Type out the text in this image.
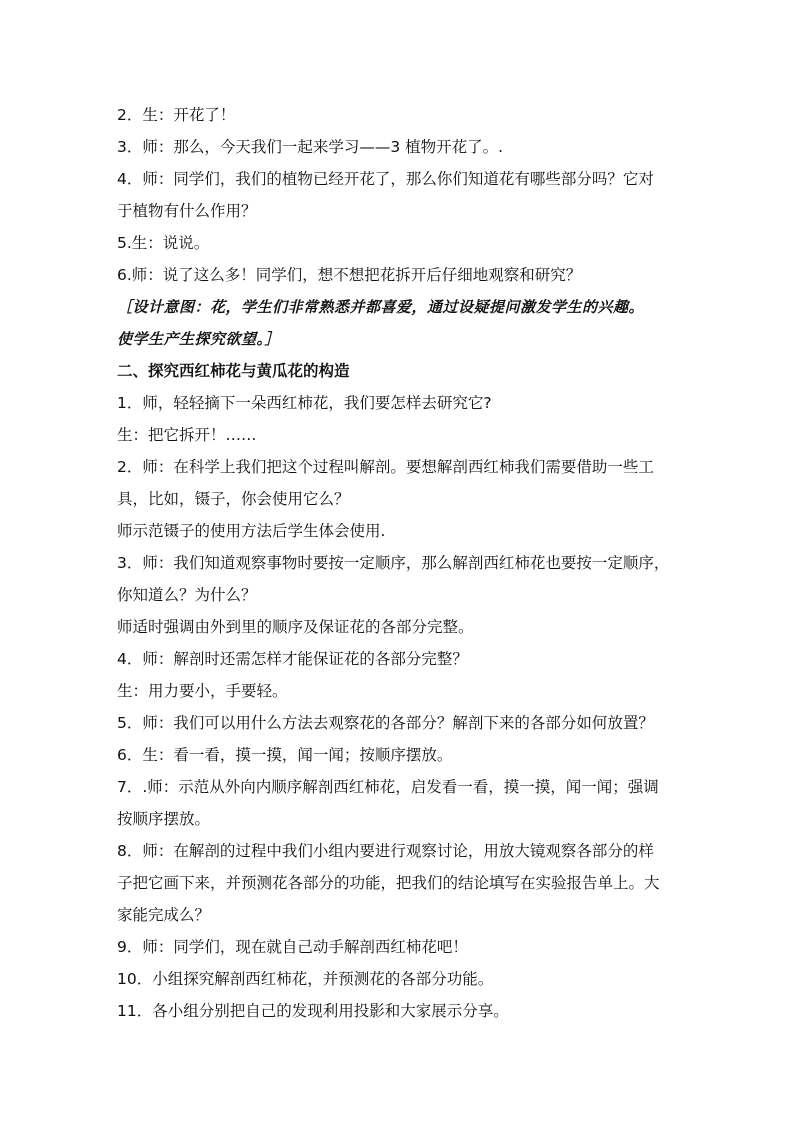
2．生：开花了！
3．师：那么，今天我们一起来学习——3 植物开花了。.
4．师：同学们，我们的植物已经开花了，那么你们知道花有哪些部分吗？它对
于植物有什么作用？
5.生：说说。
6.师：说了这么多！同学们，想不想把花拆开后仔细地观察和研究？
［设计意图：花，学生们非常熟悉并都喜爱，通过设疑提问激发学生的兴趣。
使学生产生探究欲望。］
二、探究西红柿花与黄瓜花的构造
1．师，轻轻摘下一朵西红柿花，我们要怎样去研究它?
生：把它拆开！……
2．师：在科学上我们把这个过程叫解剖。要想解剖西红柿我们需要借助一些工
具，比如，镊子，你会使用它么？
师示范镊子的使用方法后学生体会使用.
3．师：我们知道观察事物时要按一定顺序，那么解剖西红柿花也要按一定顺序，
你知道么？为什么？
师适时强调由外到里的顺序及保证花的各部分完整。
4．师：解剖时还需怎样才能保证花的各部分完整？
生：用力要小，手要轻。
5．师：我们可以用什么方法去观察花的各部分？解剖下来的各部分如何放置？
6．生：看一看，摸一摸，闻一闻；按顺序摆放。
7．.师：示范从外向内顺序解剖西红柿花，启发看一看，摸一摸，闻一闻；强调
按顺序摆放。
8．师：在解剖的过程中我们小组内要进行观察讨论，用放大镜观察各部分的样
子把它画下来，并预测花各部分的功能，把我们的结论填写在实验报告单上。大
家能完成么？
9．师：同学们，现在就自己动手解剖西红柿花吧！
10．小组探究解剖西红柿花，并预测花的各部分功能。
11．各小组分别把自己的发现利用投影和大家展示分享。
